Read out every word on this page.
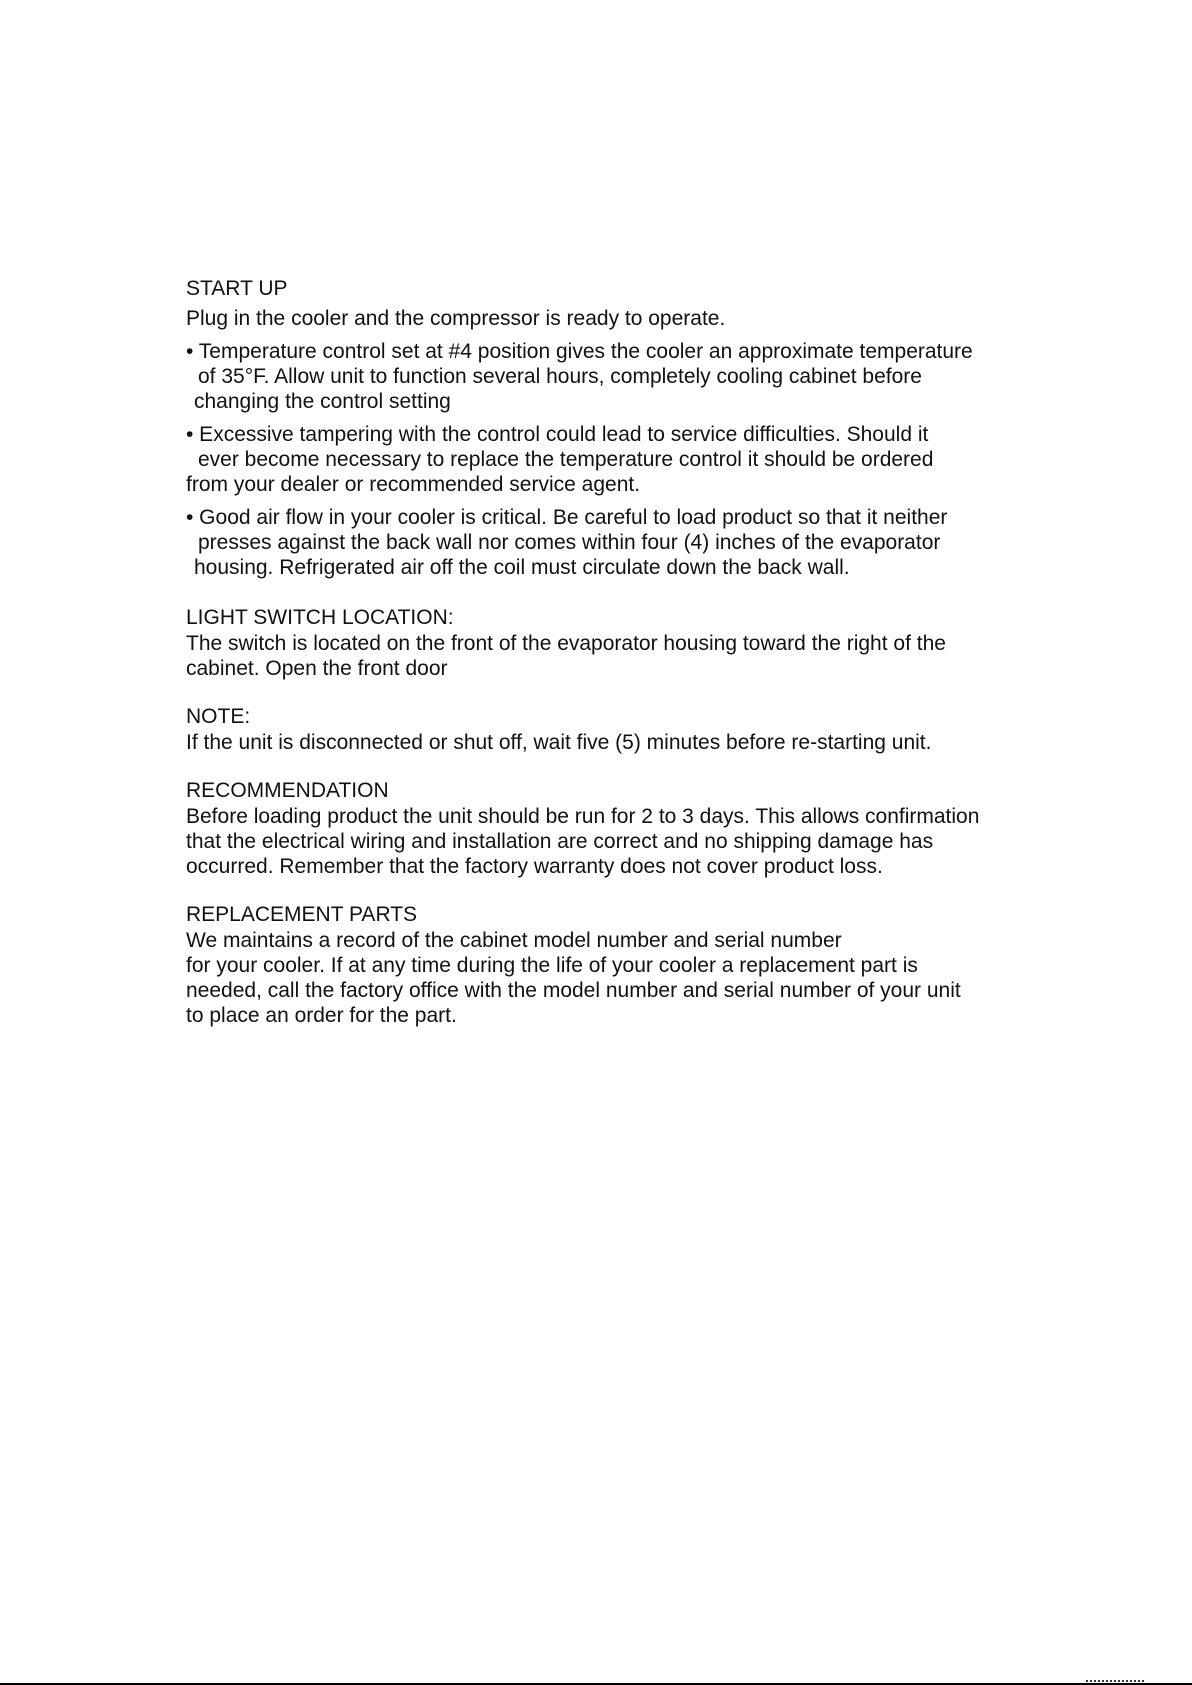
START UP

Plug in the cooler and the compressor is ready to operate.

• Temperature control set at #4 position gives the cooler an approximate temperature
of 35°F. Allow unit to function several hours, completely cooling cabinet before
changing the control setting
• Excessive tampering with the control could lead to service difficulties. Should it
ever become necessary to replace the temperature control it should be ordered
from your dealer or recommended service agent.
• Good air flow in your cooler is critical. Be careful to load product so that it neither
presses against the back wall nor comes within four (4) inches of the evaporator
housing. Refrigerated air off the coil must circulate down the back wall.
LIGHT SWITCH LOCATION:

The switch is located on the front of the evaporator housing toward the right of the
cabinet. Open the front door

NOTE:

If the unit is disconnected or shut off, wait five (5) minutes before re-starting unit.

RECOMMENDATION

Before loading product the unit should be run for 2 to 3 days. This allows confirmation
that the electrical wiring and installation are correct and no shipping damage has
occurred. Remember that the factory warranty does not cover product loss.

REPLACEMENT PARTS

We maintains a record of the cabinet model number and serial number
for your cooler. If at any time during the life of your cooler a replacement part is
needed, call the factory office with the model number and serial number of your unit
to place an order for the part.
